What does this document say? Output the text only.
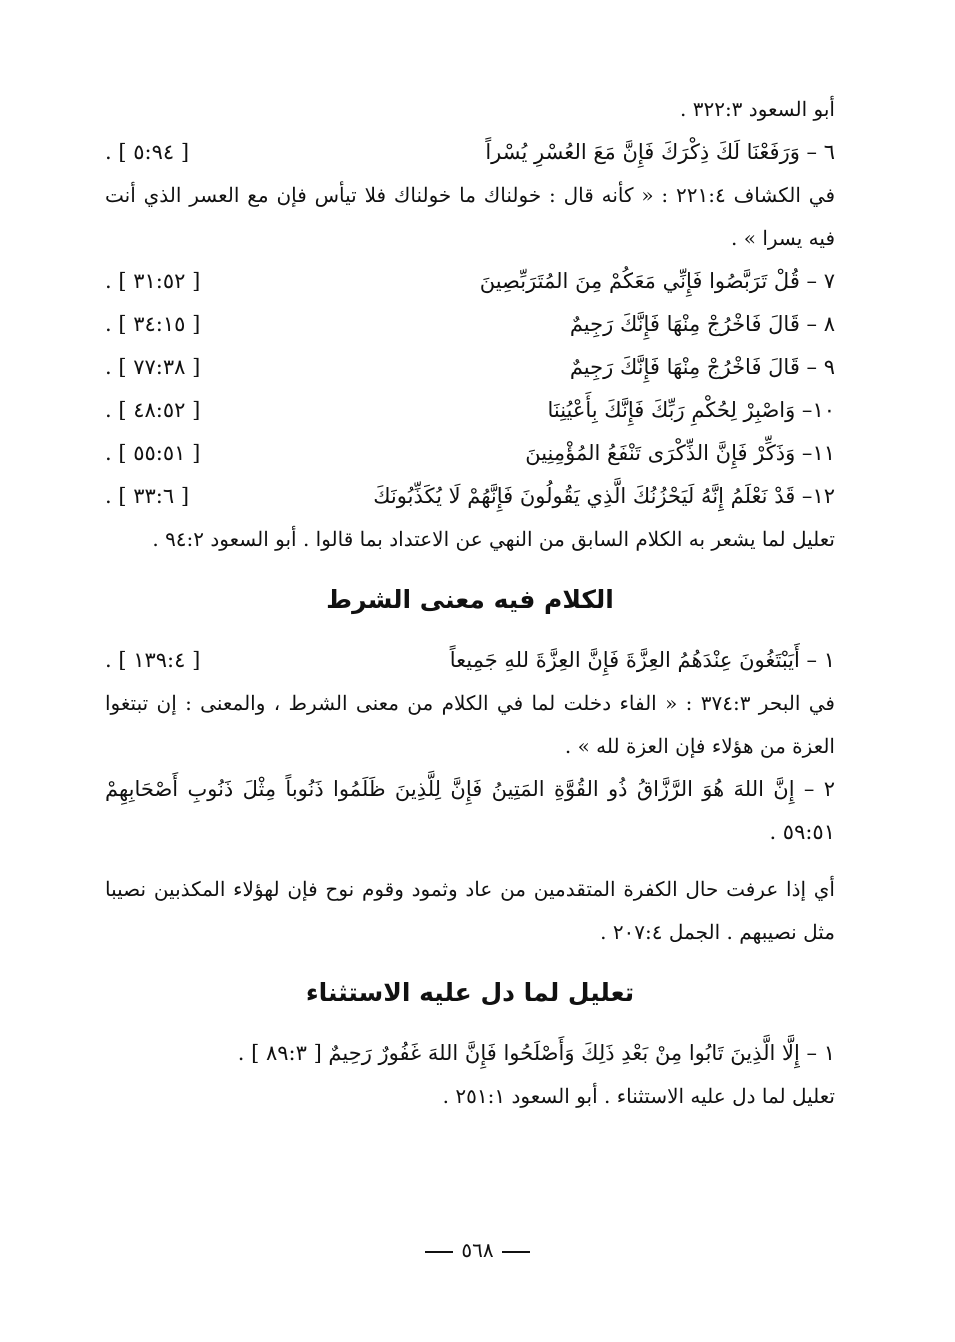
أبو السعود ٣٢٢:٣ .
٦ – وَرَفَعْنَا لَكَ ذِكْرَكَ فَإِنَّ مَعَ العُسْرِ يُسْراً
[ ٥:٩٤ ] .
في الكشاف ٢٢١:٤ : « كأنه قال : خولناك ما خولناك فلا تيأس فإن مع العسر الذي أنت فيه يسرا » .
٧ – قُلْ تَرَبَّصُوا فَإِنِّي مَعَكُمْ مِنَ المُتَرَبِّصِينَ
[ ٣١:٥٢ ] .
٨ – قَالَ فَاخْرُجْ مِنْهَا فَإِنَّكَ رَجِيمٌ
[ ٣٤:١٥ ] .
٩ – قَالَ فَاخْرُجْ مِنْهَا فَإِنَّكَ رَجِيمٌ
[ ٧٧:٣٨ ] .
١٠– وَاصْبِرْ لِحُكْمِ رَبِّكَ فَإِنَّكَ بِأَعْيُنِنَا
[ ٤٨:٥٢ ] .
١١– وَذَكِّرْ فَإِنَّ الذِّكْرَى تَنْفَعُ المُؤْمِنِينَ
[ ٥٥:٥١ ] .
١٢– قَدْ نَعْلَمُ إِنَّهُ لَيَحْزُنُكَ الَّذِي يَقُولُونَ فَإِنَّهُمْ لَا يُكَذِّبُونَكَ
[ ٣٣:٦ ] .
تعليل لما يشعر به الكلام السابق من النهي عن الاعتداد بما قالوا . أبو السعود ٩٤:٢ .
الكلام فيه معنى الشرط
١ – أَيَبْتَغُونَ عِنْدَهُمُ العِزَّةَ فَإِنَّ العِزَّةَ للهِ جَمِيعاً
[ ١٣٩:٤ ] .
في البحر ٣٧٤:٣ : « الفاء دخلت لما في الكلام من معنى الشرط ، والمعنى : إن تبتغوا العزة من هؤلاء فإن العزة لله » .
٢ – إِنَّ اللهَ هُوَ الرَّزَّاقُ ذُو القُوَّةِ المَتِينُ فَإِنَّ لِلَّذِينَ ظَلَمُوا ذَنُوباً مِثْلَ ذَنُوبِ أَصْحَابِهِمْ ٥٩:٥١ .
أي إذا عرفت حال الكفرة المتقدمين من عاد وثمود وقوم نوح فإن لهؤلاء المكذبين نصيبا مثل نصيبهم . الجمل ٢٠٧:٤ .
تعليل لما دل عليه الاستثناء
١ – إِلَّا الَّذِينَ تَابُوا مِنْ بَعْدِ ذَلِكَ وَأَصْلَحُوا فَإِنَّ اللهَ غَفُورٌ رَحِيمٌ [ ٨٩:٣ ] .
تعليل لما دل عليه الاستثناء . أبو السعود ٢٥١:١ .
٥٦٨
